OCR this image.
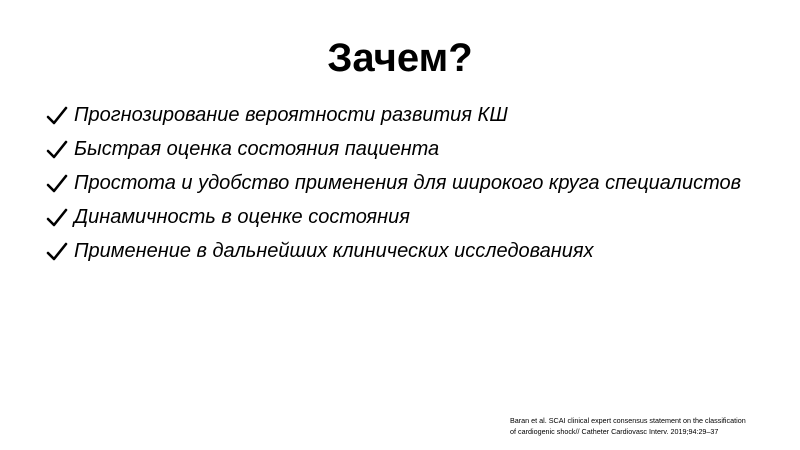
Зачем?
Прогнозирование вероятности развития КШ
Быстрая оценка состояния пациента
Простота и удобство применения для широкого круга специалистов
Динамичность в оценке состояния
Применение в дальнейших клинических исследованиях
Baran et al. SCAI clinical expert consensus statement on the classification
of cardiogenic shock// Catheter Cardiovasc Interv. 2019;94:29–37
